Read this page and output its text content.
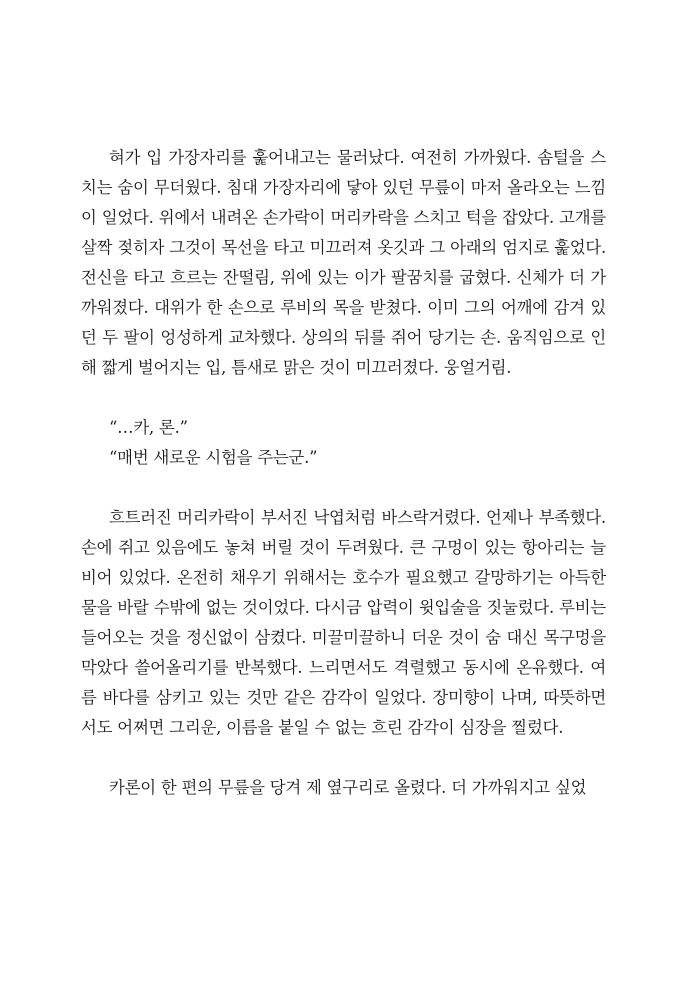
혀가 입 가장자리를 훑어내고는 물러났다. 여전히 가까웠다. 솜털을 스치는 숨이 무더웠다. 침대 가장자리에 닿아 있던 무릎이 마저 올라오는 느낌이 일었다. 위에서 내려온 손가락이 머리카락을 스치고 턱을 잡았다. 고개를 살짝 젖히자 그것이 목선을 타고 미끄러져 옷깃과 그 아래의 엄지로 훑었다. 전신을 타고 흐르는 잔떨림, 위에 있는 이가 팔꿈치를 굽혔다. 신체가 더 가까워졌다. 대위가 한 손으로 루비의 목을 받쳤다. 이미 그의 어깨에 감겨 있던 두 팔이 엉성하게 교차했다. 상의의 뒤를 쥐어 당기는 손. 움직임으로 인해 짧게 벌어지는 입, 틈새로 맑은 것이 미끄러졌다. 웅얼거림.

“…카, 론.”
“매번 새로운 시험을 주는군.”

흐트러진 머리카락이 부서진 낙엽처럼 바스락거렸다. 언제나 부족했다. 손에 쥐고 있음에도 놓쳐 버릴 것이 두려웠다. 큰 구멍이 있는 항아리는 늘 비어 있었다. 온전히 채우기 위해서는 호수가 필요했고 갈망하기는 아득한 물을 바랄 수밖에 없는 것이었다. 다시금 압력이 윗입술을 짓눌렀다. 루비는 들어오는 것을 정신없이 삼켰다. 미끌미끌하니 더운 것이 숨 대신 목구멍을 막았다 쓸어올리기를 반복했다. 느리면서도 격렬했고 동시에 온유했다. 여름 바다를 삼키고 있는 것만 같은 감각이 일었다. 장미향이 나며, 따뜻하면서도 어쩌면 그리운, 이름을 붙일 수 없는 흐린 감각이 심장을 찔렀다.

카론이 한 편의 무릎을 당겨 제 옆구리로 올렸다. 더 가까워지고 싶었
